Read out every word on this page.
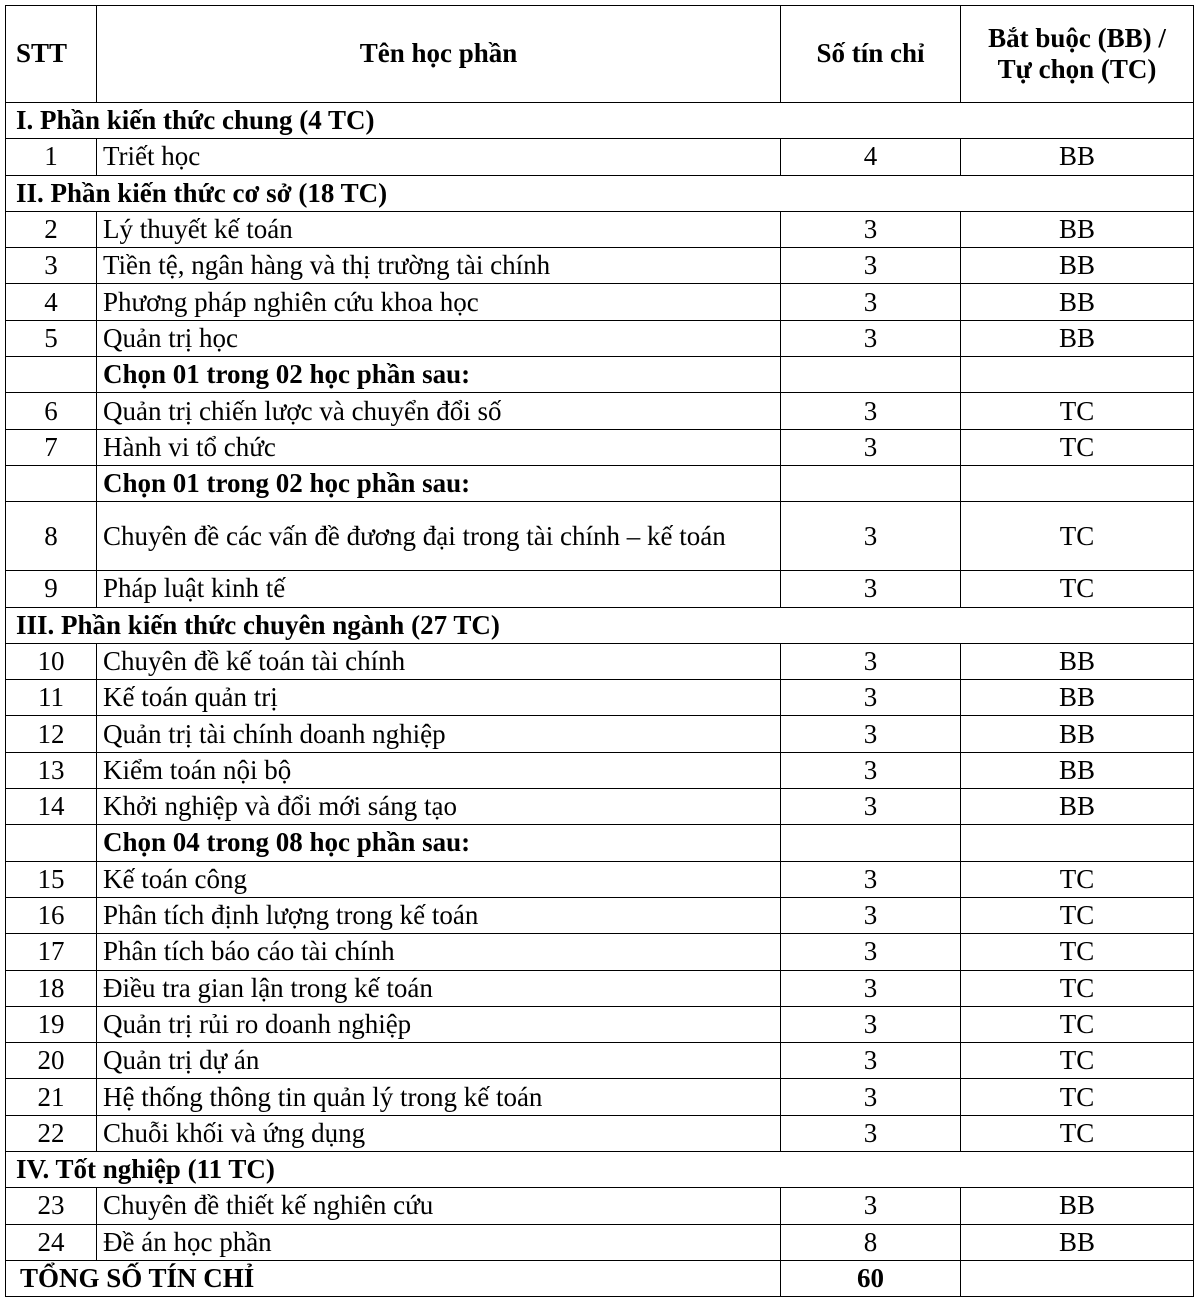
STT	Tên học phần	Số tín chỉ	Bắt buộc (BB) /
Tự chọn (TC)

I. Phần kiến thức chung (4 TC)			
1	Triết học	4	BB
II. Phần kiến thức cơ sở (18 TC)			
2	Lý thuyết kế toán	3	BB
3	Tiền tệ, ngân hàng và thị trường tài chính	3	BB
4	Phương pháp nghiên cứu khoa học	3	BB
5	Quản trị học	3	BB
	Chọn 01 trong 02 học phần sau:		
6	Quản trị chiến lược và chuyển đổi số	3	TC
7	Hành vi tổ chức	3	TC
	Chọn 01 trong 02 học phần sau:		
8	Chuyên đề các vấn đề đương đại trong tài chính – kế toán	3	TC
9	Pháp luật kinh tế	3	TC
III. Phần kiến thức chuyên ngành (27 TC)			
10	Chuyên đề kế toán tài chính	3	BB
11	Kế toán quản trị	3	BB
12	Quản trị tài chính doanh nghiệp	3	BB
13	Kiểm toán nội bộ	3	BB
14	Khởi nghiệp và đổi mới sáng tạo	3	BB
	Chọn 04 trong 08 học phần sau:		
15	Kế toán công	3	TC
16	Phân tích định lượng trong kế toán	3	TC
17	Phân tích báo cáo tài chính	3	TC
18	Điều tra gian lận trong kế toán	3	TC
19	Quản trị rủi ro doanh nghiệp	3	TC
20	Quản trị dự án	3	TC
21	Hệ thống thông tin quản lý trong kế toán	3	TC
22	Chuỗi khối và ứng dụng	3	TC
IV. Tốt nghiệp (11 TC)			
23	Chuyên đề thiết kế nghiên cứu	3	BB
24	Đề án học phần	8	BB
TỔNG SỐ TÍN CHỈ		60	
